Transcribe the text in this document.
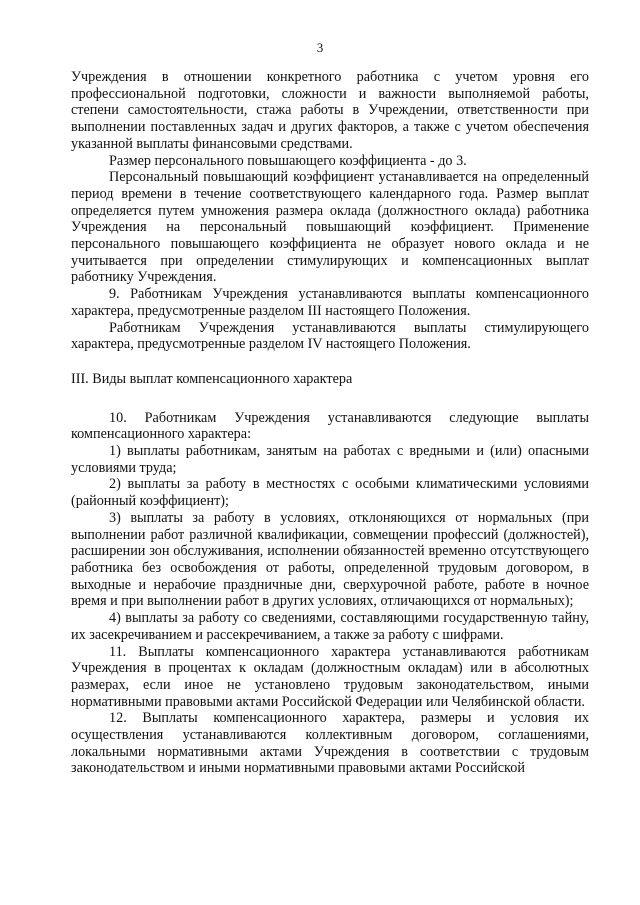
3

Учреждения в отношении конкретного работника с учетом уровня его профессиональной подготовки, сложности и важности выполняемой работы, степени самостоятельности, стажа работы в Учреждении, ответственности при выполнении поставленных задач и других факторов, а также с учетом обеспечения указанной выплаты финансовыми средствами.

Размер персонального повышающего коэффициента - до 3.

Персональный повышающий коэффициент устанавливается на определенный период времени в течение соответствующего календарного года. Размер выплат определяется путем умножения размера оклада (должностного оклада) работника Учреждения на персональный повышающий коэффициент. Применение персонального повышающего коэффициента не образует нового оклада и не учитывается при определении стимулирующих и компенсационных выплат работнику Учреждения.

9. Работникам Учреждения устанавливаются выплаты компенсационного характера, предусмотренные разделом III настоящего Положения.

Работникам Учреждения устанавливаются выплаты стимулирующего характера, предусмотренные разделом IV настоящего Положения.

III. Виды выплат компенсационного характера

10. Работникам Учреждения устанавливаются следующие выплаты компенсационного характера:

1) выплаты работникам, занятым на работах с вредными и (или) опасными условиями труда;

2) выплаты за работу в местностях с особыми климатическими условиями (районный коэффициент);

3) выплаты за работу в условиях, отклоняющихся от нормальных (при выполнении работ различной квалификации, совмещении профессий (должностей), расширении зон обслуживания, исполнении обязанностей временно отсутствующего работника без освобождения от работы, определенной трудовым договором, в выходные и нерабочие праздничные дни, сверхурочной работе, работе в ночное время и при выполнении работ в других условиях, отличающихся от нормальных);

4) выплаты за работу со сведениями, составляющими государственную тайну, их засекречиванием и рассекречиванием, а также за работу с шифрами.

11. Выплаты компенсационного характера устанавливаются работникам Учреждения в процентах к окладам (должностным окладам) или в абсолютных размерах, если иное не установлено трудовым законодательством, иными нормативными правовыми актами Российской Федерации или Челябинской области.

12. Выплаты компенсационного характера, размеры и условия их осуществления устанавливаются коллективным договором, соглашениями, локальными нормативными актами Учреждения в соответствии с трудовым законодательством и иными нормативными правовыми актами Российской
